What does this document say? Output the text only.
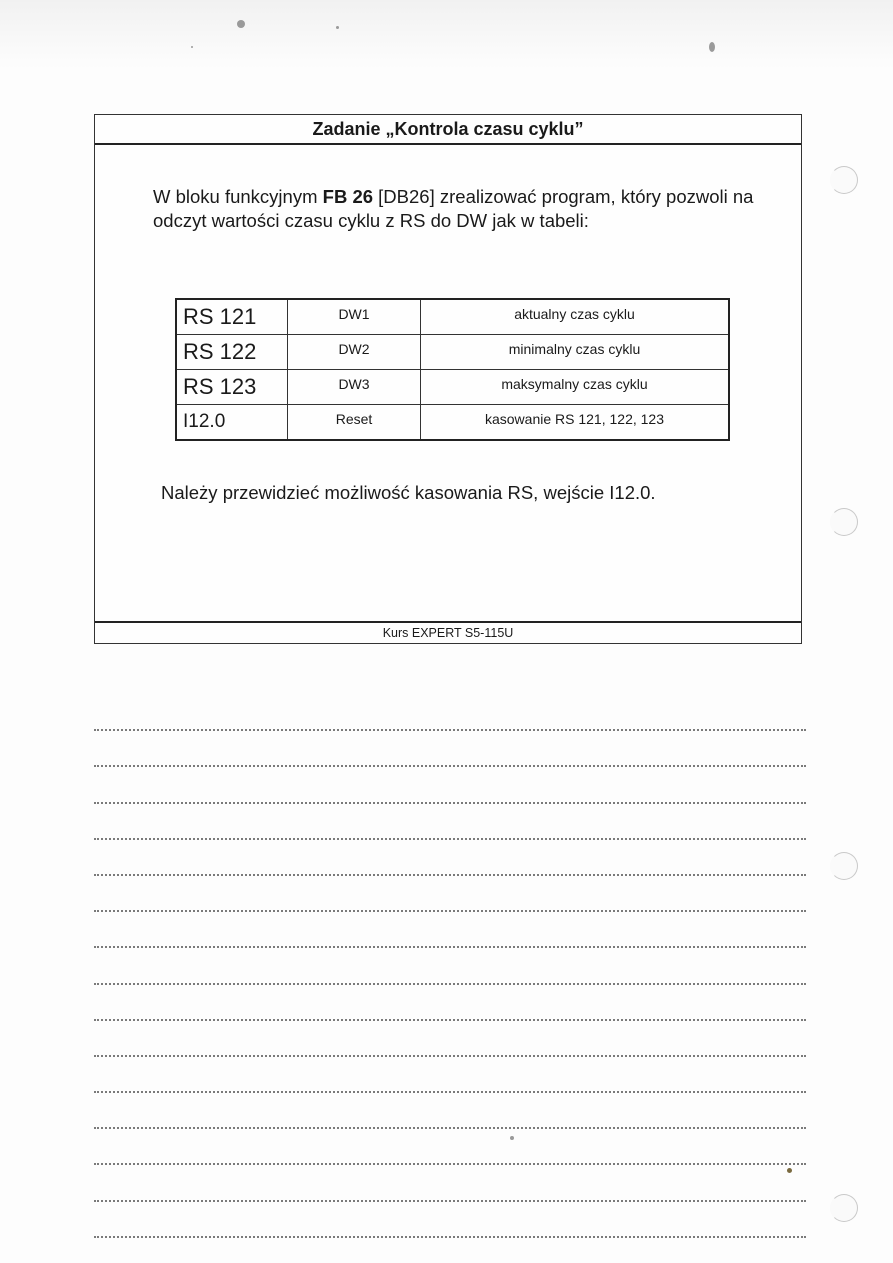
Zadanie „Kontrola czasu cyklu”
W bloku funkcyjnym FB 26 [DB26] zrealizować program, który pozwoli na odczyt wartości czasu cyklu z RS do DW jak w tabeli:
RS 121	DW1	aktualny czas cyklu
RS 122	DW2	minimalny czas cyklu
RS 123	DW3	maksymalny czas cyklu
I12.0	Reset	kasowanie RS 121, 122, 123
Należy przewidzieć możliwość kasowania RS, wejście I12.0.
Kurs EXPERT S5-115U
